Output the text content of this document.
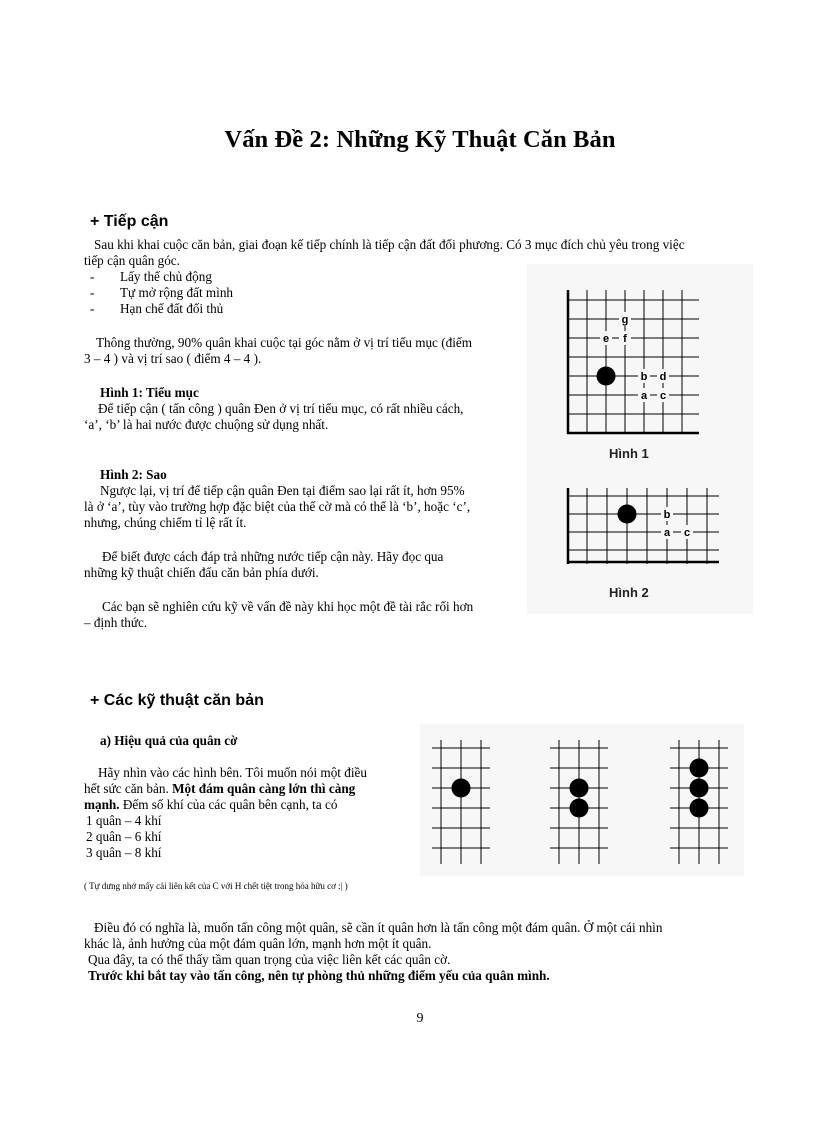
Vấn Đề 2: Những Kỹ Thuật Căn Bản
+ Tiếp cận
Sau khi khai cuộc căn bản, giai đoạn kế tiếp chính là tiếp cận đất đối phương. Có 3 mục đích chủ yêu trong việc
tiếp cận quân góc.
- Lấy thế chủ động
- Tự mở rộng đất mình
- Hạn chế đất đối thủ
Thông thường, 90% quân khai cuộc tại góc nằm ở vị trí tiểu mục (điểm
3 – 4 ) và vị trí sao ( điểm 4 – 4 ).
Hình 1: Tiểu mục
Để tiếp cận ( tấn công ) quân Đen ở vị trí tiểu mục, có rất nhiều cách,
‘a’, ‘b’ là hai nước được chuộng sử dụng nhất.
Hình 2: Sao
Ngược lại, vị trí để tiếp cận quân Đen tại điểm sao lại rất ít, hơn 95%
là ở ‘a’, tùy vào trường hợp đặc biệt của thế cờ mà có thể là ‘b’, hoặc ‘c’,
nhưng, chúng chiếm tỉ lệ rất ít.
Để biết được cách đáp trả những nước tiếp cận này. Hãy đọc qua
những kỹ thuật chiến đấu căn bản phía dưới.
Các bạn sẽ nghiên cứu kỹ về vấn đề này khi học một đề tài rắc rối hơn
– định thức.
g
e f
b d
a c
Hình 1
b
a c
Hình 2
+ Các kỹ thuật căn bản
a) Hiệu quả của quân cờ
Hãy nhìn vào các hình bên. Tôi muốn nói một điều
hết sức căn bản. Một đám quân càng lớn thì càng
mạnh. Đếm số khí của các quân bên cạnh, ta có
1 quân – 4 khí
2 quân – 6 khí
3 quân – 8 khí
( Tự dưng nhớ mấy cái liên kết của C với H chết tiệt trong hóa hữu cơ :| )
Điều đó có nghĩa là, muốn tấn công một quân, sẽ cần ít quân hơn là tấn công một đám quân. Ở một cái nhìn
khác là, ảnh hưởng của một đám quân lớn, mạnh hơn một ít quân.
Qua đây, ta có thể thấy tầm quan trọng của việc liên kết các quân cờ.
Trước khi bắt tay vào tấn công, nên tự phòng thủ những điểm yếu của quân mình.
9
